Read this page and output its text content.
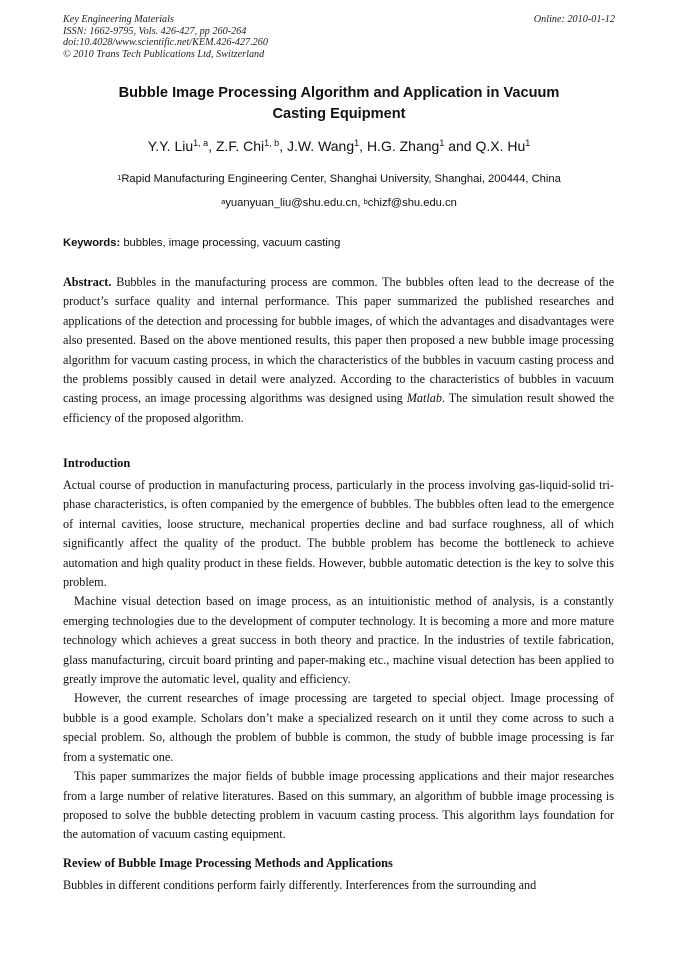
Key Engineering Materials
ISSN: 1662-9795, Vols. 426-427, pp 260-264
doi:10.4028/www.scientific.net/KEM.426-427.260
© 2010 Trans Tech Publications Ltd, Switzerland
Online: 2010-01-12
Bubble Image Processing Algorithm and Application in Vacuum
Casting Equipment
Y.Y. Liu$^{1, a}$, Z.F. Chi$^{1, b}$, J.W. Wang$^1$, H.G. Zhang$^1$ and Q.X. Hu$^1$
$^1$Rapid Manufacturing Engineering Center, Shanghai University, Shanghai, 200444, China
$^a$yuanyuan_liu@shu.edu.cn, $^b$chizf@shu.edu.cn
Keywords: bubbles, image processing, vacuum casting

Abstract. Bubbles in the manufacturing process are common. The bubbles often lead to the decrease of the product’s surface quality and internal performance. This paper summarized the published researches and applications of the detection and processing for bubble images, of which the advantages and disadvantages were also presented. Based on the above mentioned results, this paper then proposed a new bubble image processing algorithm for vacuum casting process, in which the characteristics of the bubbles in vacuum casting process and the problems possibly caused in detail were analyzed. According to the characteristics of bubbles in vacuum casting process, an image processing algorithms was designed using Matlab. The simulation result showed the efficiency of the proposed algorithm.

Introduction

Actual course of production in manufacturing process, particularly in the process involving gas-liquid-solid tri-phase characteristics, is often companied by the emergence of bubbles. The bubbles often lead to the emergence of internal cavities, loose structure, mechanical properties decline and bad surface roughness, all of which significantly affect the quality of the product. The bubble problem has become the bottleneck to achieve automation and high quality product in these fields. However, bubble automatic detection is the key to solve this problem.

Machine visual detection based on image process, as an intuitionistic method of analysis, is a constantly emerging technologies due to the development of computer technology. It is becoming a more and more mature technology which achieves a great success in both theory and practice. In the industries of textile fabrication, glass manufacturing, circuit board printing and paper-making etc., machine visual detection has been applied to greatly improve the automatic level, quality and efficiency.

However, the current researches of image processing are targeted to special object. Image processing of bubble is a good example. Scholars don’t make a specialized research on it until they come across to such a special problem. So, although the problem of bubble is common, the study of bubble image processing is far from a systematic one.

This paper summarizes the major fields of bubble image processing applications and their major researches from a large number of relative literatures. Based on this summary, an algorithm of bubble image processing is proposed to solve the bubble detecting problem in vacuum casting process. This algorithm lays foundation for the automation of vacuum casting equipment.

Review of Bubble Image Processing Methods and Applications

Bubbles in different conditions perform fairly differently. Interferences from the surrounding and
